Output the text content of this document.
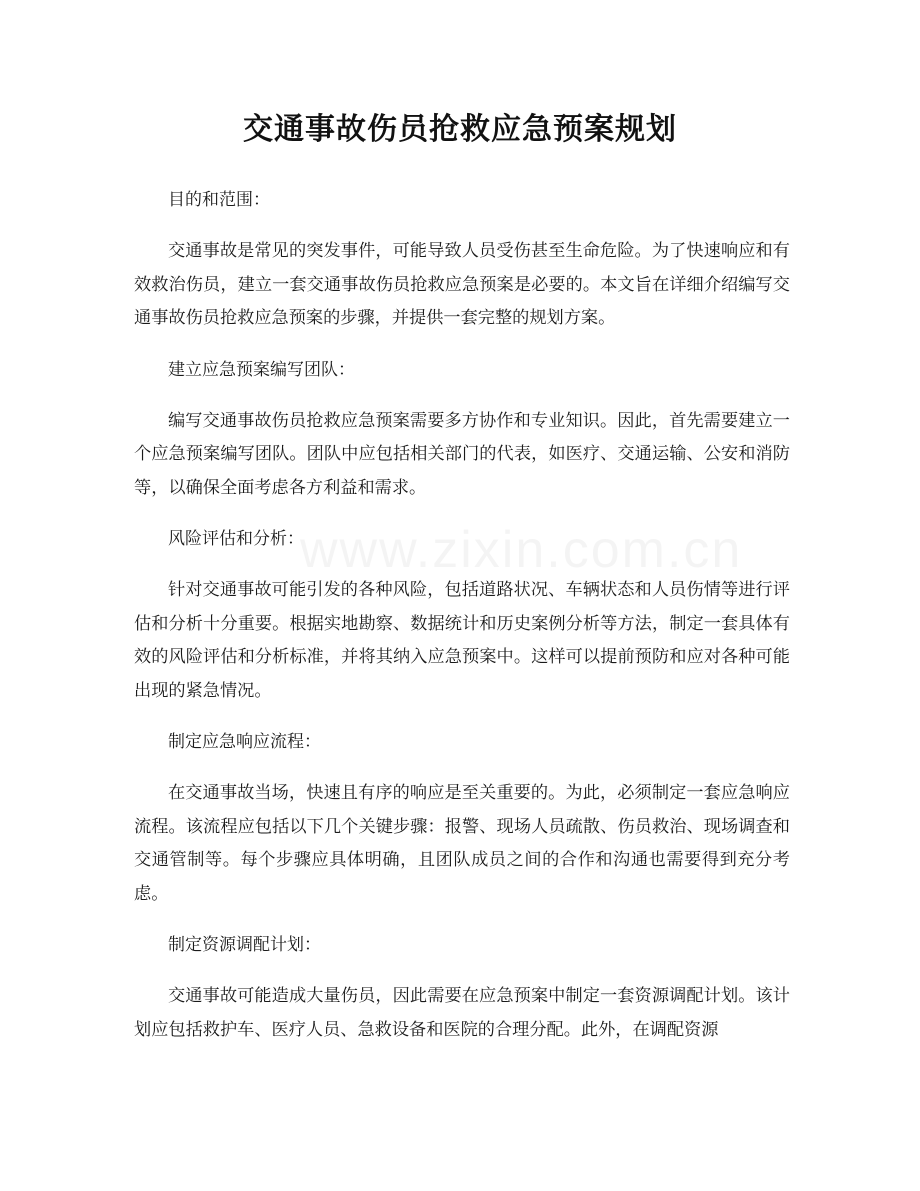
交通事故伤员抢救应急预案规划

目的和范围：

交通事故是常见的突发事件，可能导致人员受伤甚至生命危险。为了快速响应和有效救治伤员，建立一套交通事故伤员抢救应急预案是必要的。本文旨在详细介绍编写交通事故伤员抢救应急预案的步骤，并提供一套完整的规划方案。

建立应急预案编写团队：

编写交通事故伤员抢救应急预案需要多方协作和专业知识。因此，首先需要建立一个应急预案编写团队。团队中应包括相关部门的代表，如医疗、交通运输、公安和消防等，以确保全面考虑各方利益和需求。

风险评估和分析：

针对交通事故可能引发的各种风险，包括道路状况、车辆状态和人员伤情等进行评估和分析十分重要。根据实地勘察、数据统计和历史案例分析等方法，制定一套具体有效的风险评估和分析标准，并将其纳入应急预案中。这样可以提前预防和应对各种可能出现的紧急情况。

制定应急响应流程：

在交通事故当场，快速且有序的响应是至关重要的。为此，必须制定一套应急响应流程。该流程应包括以下几个关键步骤：报警、现场人员疏散、伤员救治、现场调查和交通管制等。每个步骤应具体明确，且团队成员之间的合作和沟通也需要得到充分考虑。

制定资源调配计划：

交通事故可能造成大量伤员，因此需要在应急预案中制定一套资源调配计划。该计划应包括救护车、医疗人员、急救设备和医院的合理分配。此外，在调配资源
